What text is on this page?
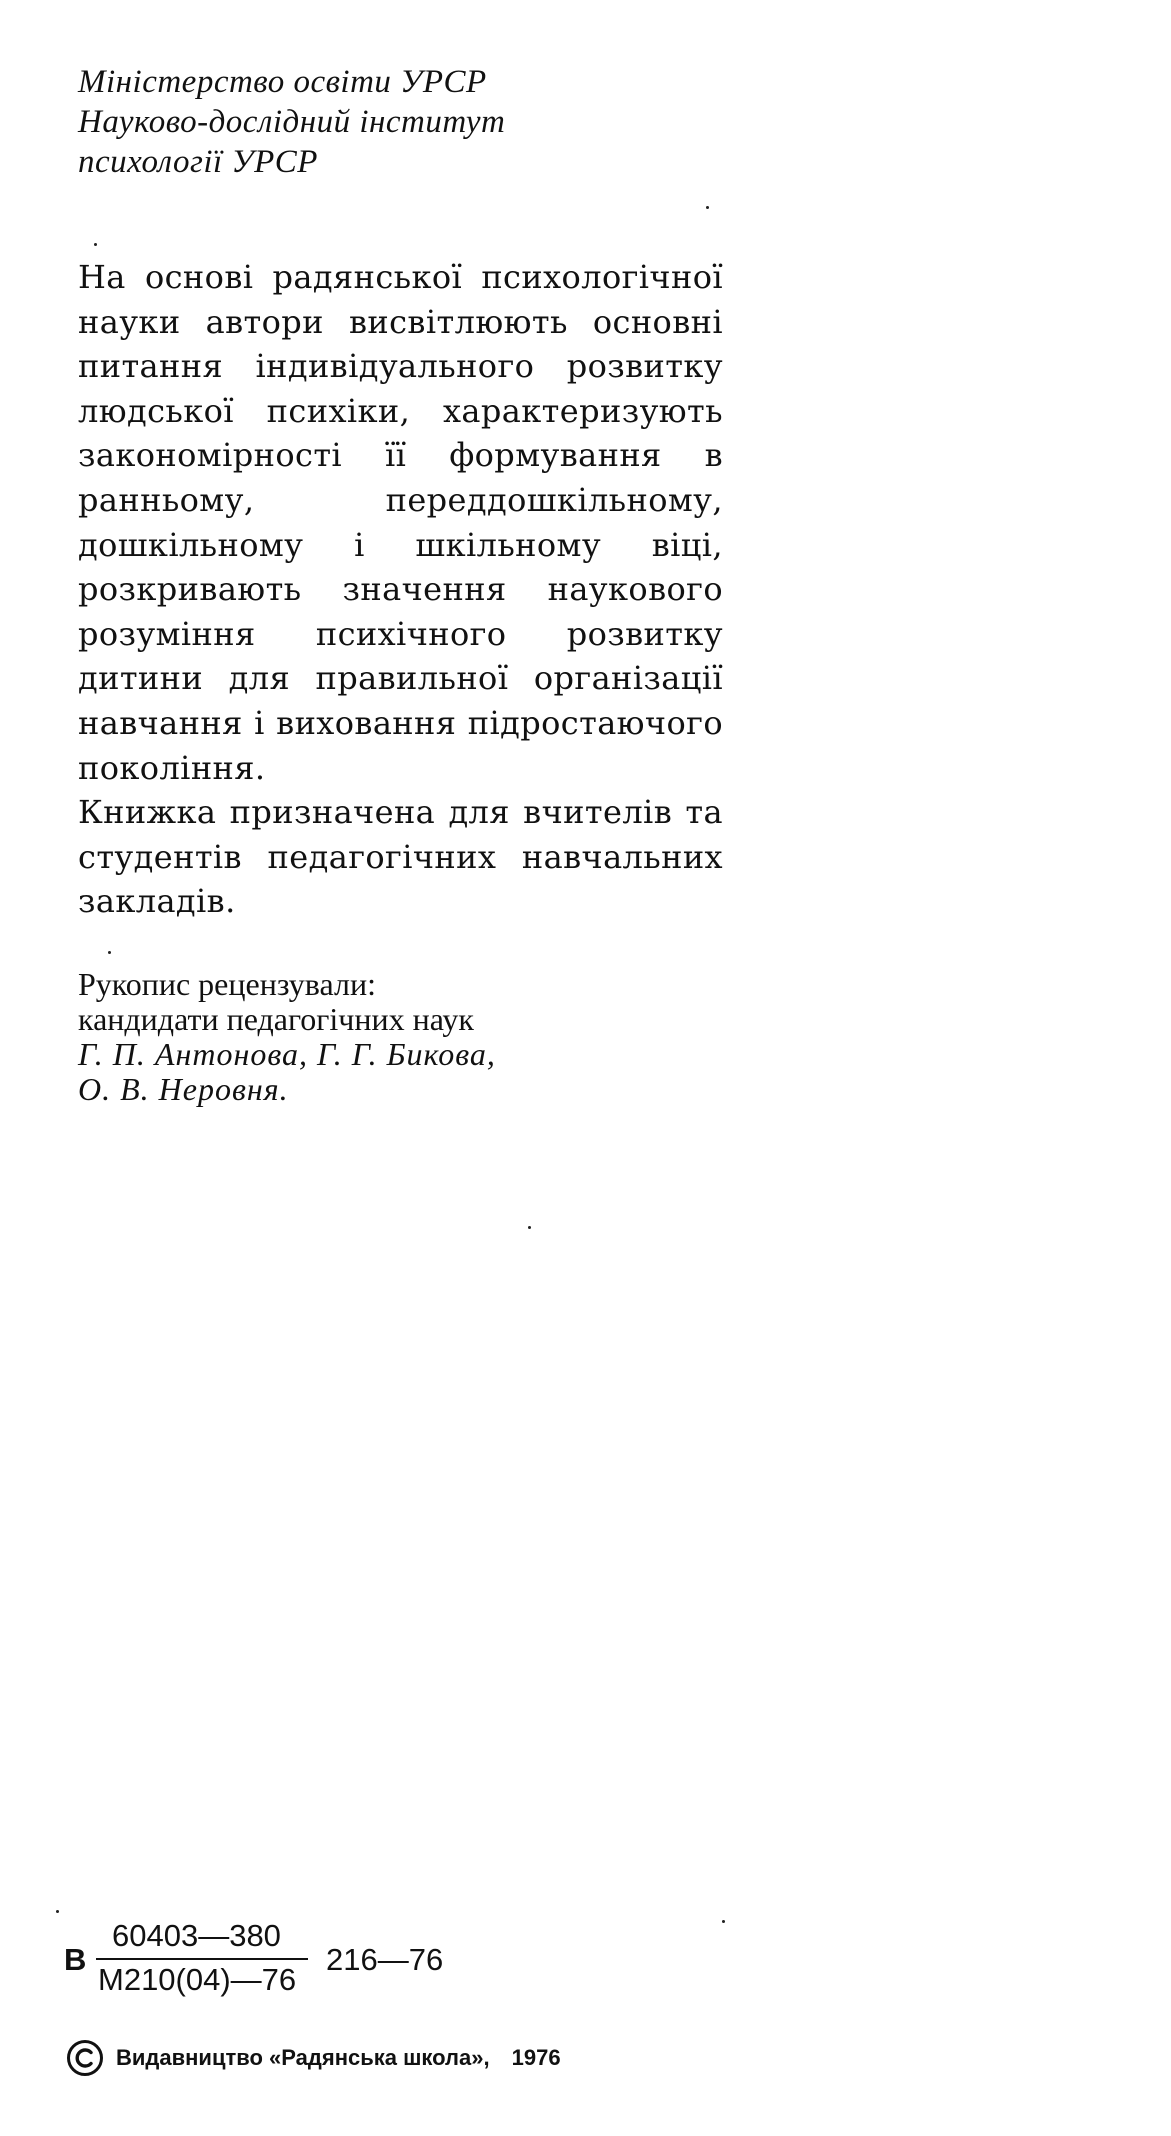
Міністерство освіти УРСР
Науково-дослідний інститут
психології УРСР

На основі радянської психологічної науки автори висвітлюють основні питання індивідуального розвитку людської психіки, характеризують закономірності її формування в ранньому, переддошкільному, дошкільному і шкільному віці, розкривають значення наукового розуміння психічного розвитку дитини для правильної організації навчання і виховання підростаючого покоління.

Книжка призначена для вчителів та студентів педагогічних навчальних закладів.

Рукопис рецензували:
кандидати педагогічних наук
Г. П. Антонова, Г. Г. Бикова,
О. В. Неровня.
В
60403—380
М210(04)—76
216—76
Видавництво «Радянська школа», 1976
